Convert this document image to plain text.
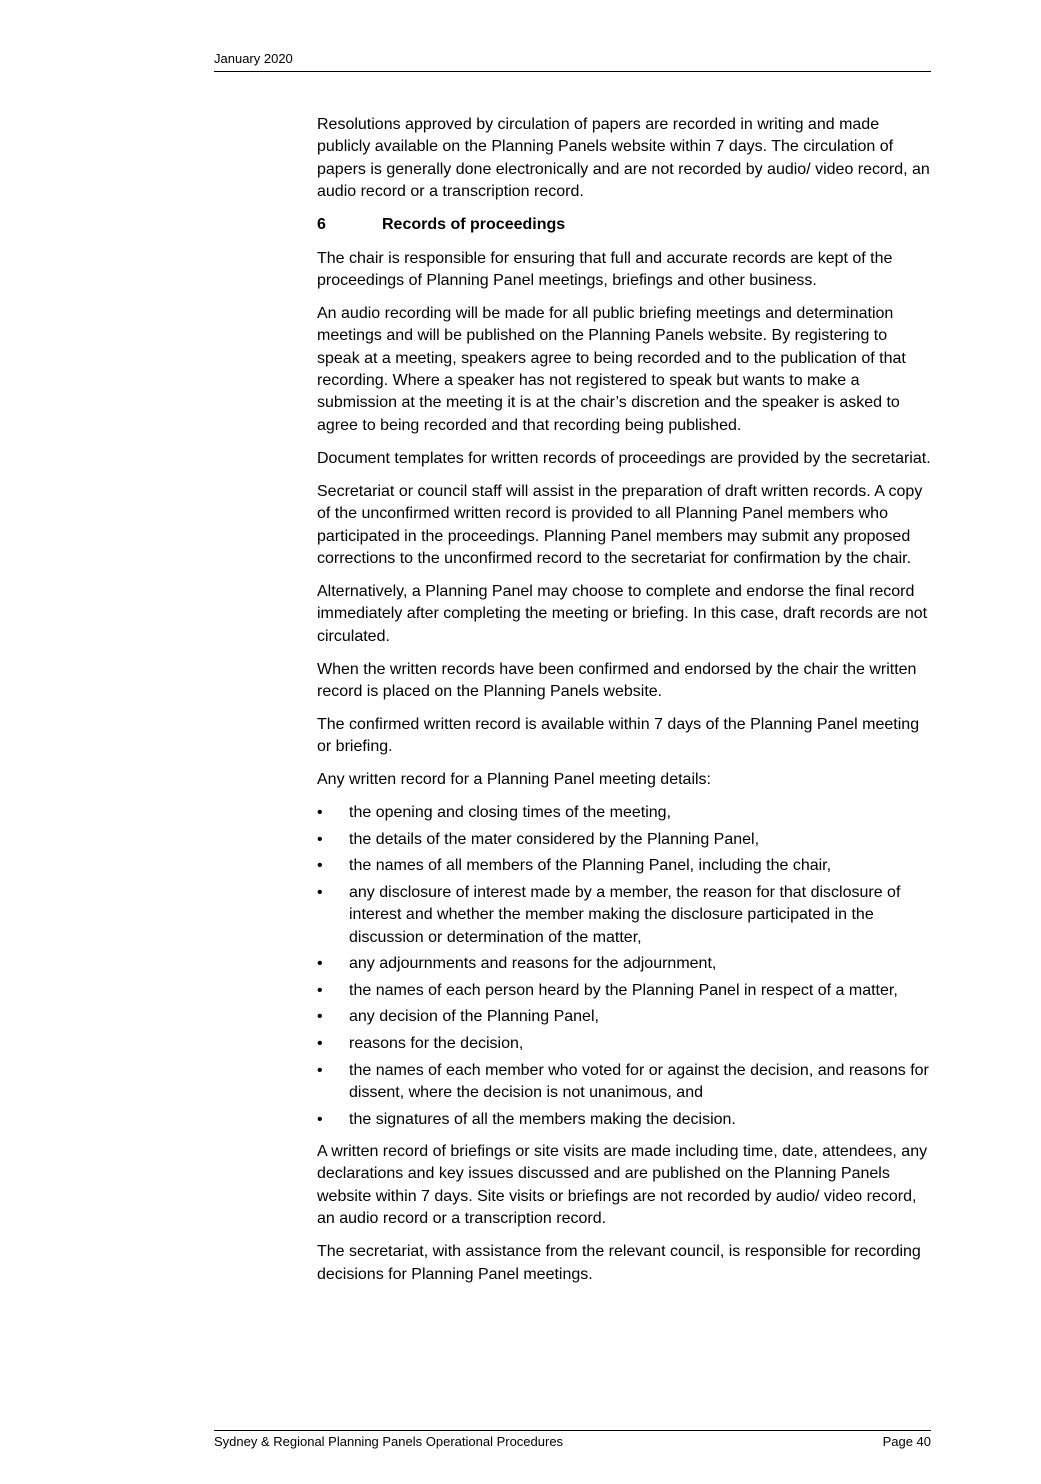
January 2020

Resolutions approved by circulation of papers are recorded in writing and made publicly available on the Planning Panels website within 7 days. The circulation of papers is generally done electronically and are not recorded by audio/ video record, an audio record or a transcription record.

6	Records of proceedings

The chair is responsible for ensuring that full and accurate records are kept of the proceedings of Planning Panel meetings, briefings and other business.

An audio recording will be made for all public briefing meetings and determination meetings and will be published on the Planning Panels website. By registering to speak at a meeting, speakers agree to being recorded and to the publication of that recording. Where a speaker has not registered to speak but wants to make a submission at the meeting it is at the chair’s discretion and the speaker is asked to agree to being recorded and that recording being published.

Document templates for written records of proceedings are provided by the secretariat.

Secretariat or council staff will assist in the preparation of draft written records. A copy of the unconfirmed written record is provided to all Planning Panel members who participated in the proceedings. Planning Panel members may submit any proposed corrections to the unconfirmed record to the secretariat for confirmation by the chair.

Alternatively, a Planning Panel may choose to complete and endorse the final record immediately after completing the meeting or briefing. In this case, draft records are not circulated.

When the written records have been confirmed and endorsed by the chair the written record is placed on the Planning Panels website.

The confirmed written record is available within 7 days of the Planning Panel meeting or briefing.

Any written record for a Planning Panel meeting details:

• the opening and closing times of the meeting,
• the details of the mater considered by the Planning Panel,
• the names of all members of the Planning Panel, including the chair,
• any disclosure of interest made by a member, the reason for that disclosure of interest and whether the member making the disclosure participated in the discussion or determination of the matter,
• any adjournments and reasons for the adjournment,
• the names of each person heard by the Planning Panel in respect of a matter,
• any decision of the Planning Panel,
• reasons for the decision,
• the names of each member who voted for or against the decision, and reasons for dissent, where the decision is not unanimous, and
• the signatures of all the members making the decision.

A written record of briefings or site visits are made including time, date, attendees, any declarations and key issues discussed and are published on the Planning Panels website within 7 days. Site visits or briefings are not recorded by audio/ video record, an audio record or a transcription record.

The secretariat, with assistance from the relevant council, is responsible for recording decisions for Planning Panel meetings.

Sydney & Regional Planning Panels Operational Procedures	Page 40
